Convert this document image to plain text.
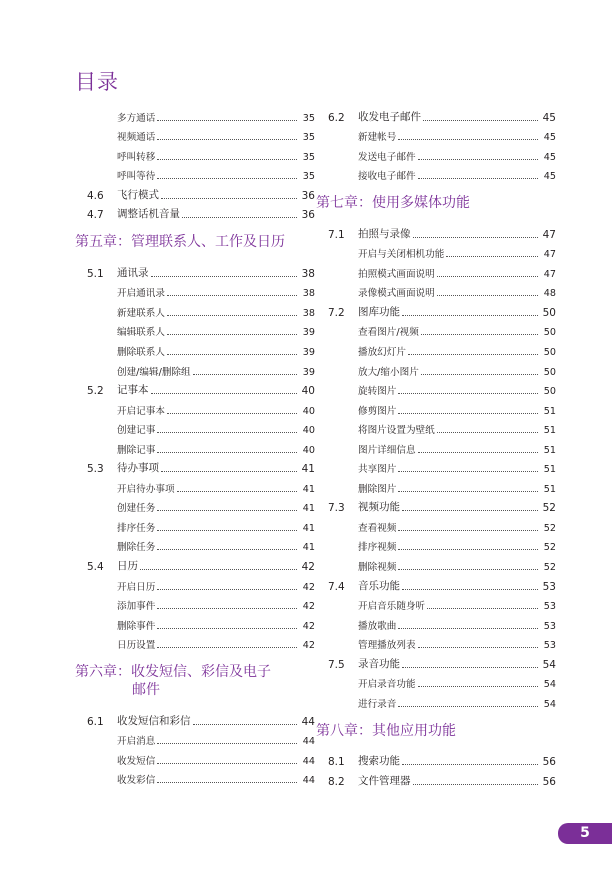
目录
多方通话	35
视频通话	35
呼叫转移	35
呼叫等待	35
4.6	飞行模式	36
4.7	调整话机音量	36
第五章：管理联系人、工作及日历
5.1	通讯录	38
开启通讯录	38
新建联系人	38
编辑联系人	39
删除联系人	39
创建/编辑/删除组	39
5.2	记事本	40
开启记事本	40
创建记事	40
删除记事	40
5.3	待办事项	41
开启待办事项	41
创建任务	41
排序任务	41
删除任务	41
5.4	日历	42
开启日历	42
添加事件	42
删除事件	42
日历设置	42
第六章：收发短信、彩信及电子
邮件
6.1	收发短信和彩信	44
开启消息	44
收发短信	44
收发彩信	44
6.2	收发电子邮件	45
新建帐号	45
发送电子邮件	45
接收电子邮件	45
第七章：使用多媒体功能
7.1	拍照与录像	47
开启与关闭相机功能	47
拍照模式画面说明	47
录像模式画面说明	48
7.2	图库功能	50
查看图片/视频	50
播放幻灯片	50
放大/缩小图片	50
旋转图片	50
修剪图片	51
将图片设置为壁纸	51
图片详细信息	51
共享图片	51
删除图片	51
7.3	视频功能	52
查看视频	52
排序视频	52
删除视频	52
7.4	音乐功能	53
开启音乐随身听	53
播放歌曲	53
管理播放列表	53
7.5	录音功能	54
开启录音功能	54
进行录音	54
第八章：其他应用功能
8.1	搜索功能	56
8.2	文件管理器	56
5
